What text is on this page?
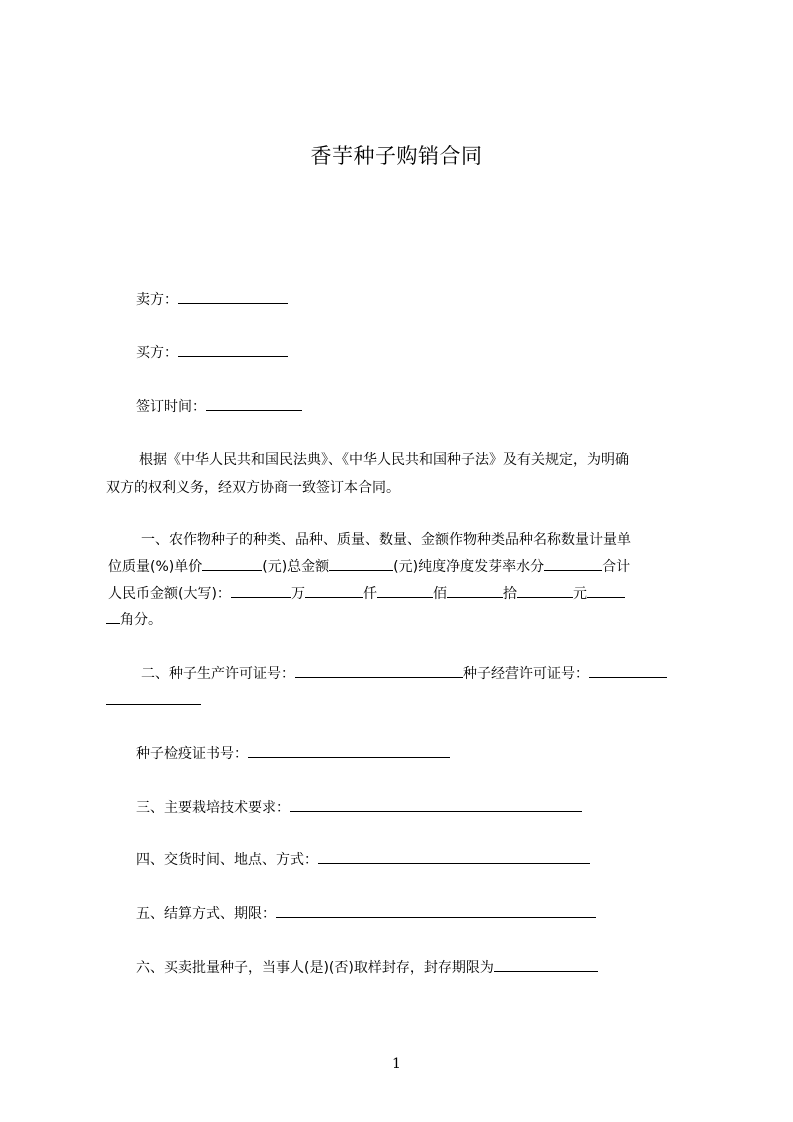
香芋种子购销合同
卖方：
买方：
签订时间：
根据《中华人民共和国民法典》、《中华人民共和国种子法》及有关规定，为明确
双方的权利义务，经双方协商一致签订本合同。
一、农作物种子的种类、品种、质量、数量、金额作物种类品种名称数量计量单
位质量(%)单价	(元)总金额	(元)纯度净度发芽率水分	合计
人民币金额(大写)：	万	仟	佰	拾	元
角分。
二、种子生产许可证号：	种子经营许可证号：
种子检疫证书号：
三、主要栽培技术要求：
四、交货时间、地点、方式：
五、结算方式、期限：
六、买卖批量种子，当事人(是)(否)取样封存，封存期限为
1
